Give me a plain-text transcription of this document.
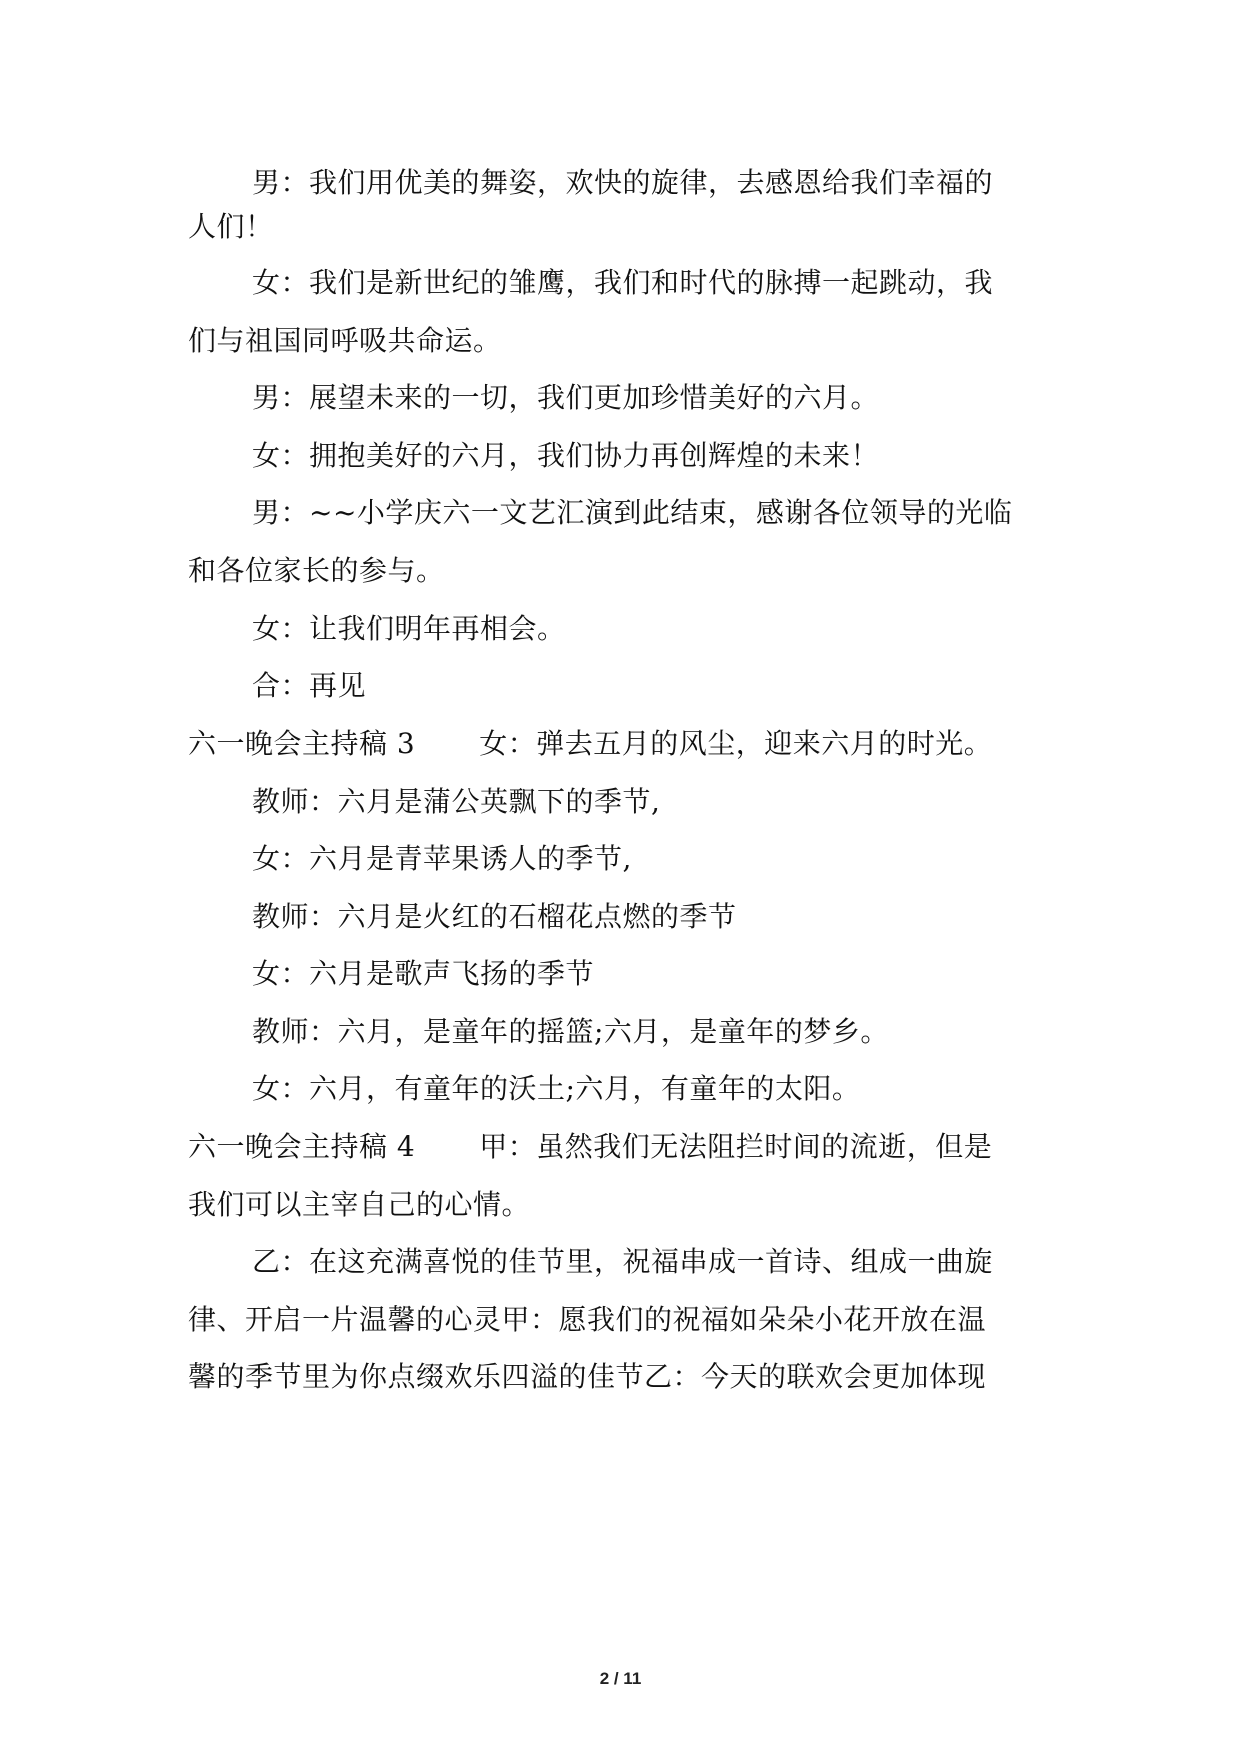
男：我们用优美的舞姿，欢快的旋律，去感恩给我们幸福的
人们！
女：我们是新世纪的雏鹰，我们和时代的脉搏一起跳动，我
们与祖国同呼吸共命运。
男：展望未来的一切，我们更加珍惜美好的六月。
女：拥抱美好的六月，我们协力再创辉煌的未来！
男：~~小学庆六一文艺汇演到此结束，感谢各位领导的光临
和各位家长的参与。
女：让我们明年再相会。
合：再见
六一晚会主持稿 3 女：弹去五月的风尘，迎来六月的时光。
教师：六月是蒲公英飘下的季节,
女：六月是青苹果诱人的季节,
教师：六月是火红的石榴花点燃的季节
女：六月是歌声飞扬的季节
教师：六月，是童年的摇篮;六月，是童年的梦乡。
女：六月，有童年的沃土;六月，有童年的太阳。
六一晚会主持稿 4 甲：虽然我们无法阻拦时间的流逝，但是
我们可以主宰自己的心情。
乙：在这充满喜悦的佳节里，祝福串成一首诗、组成一曲旋
律、开启一片温馨的心灵甲：愿我们的祝福如朵朵小花开放在温
馨的季节里为你点缀欢乐四溢的佳节乙：今天的联欢会更加体现
2 / 11
